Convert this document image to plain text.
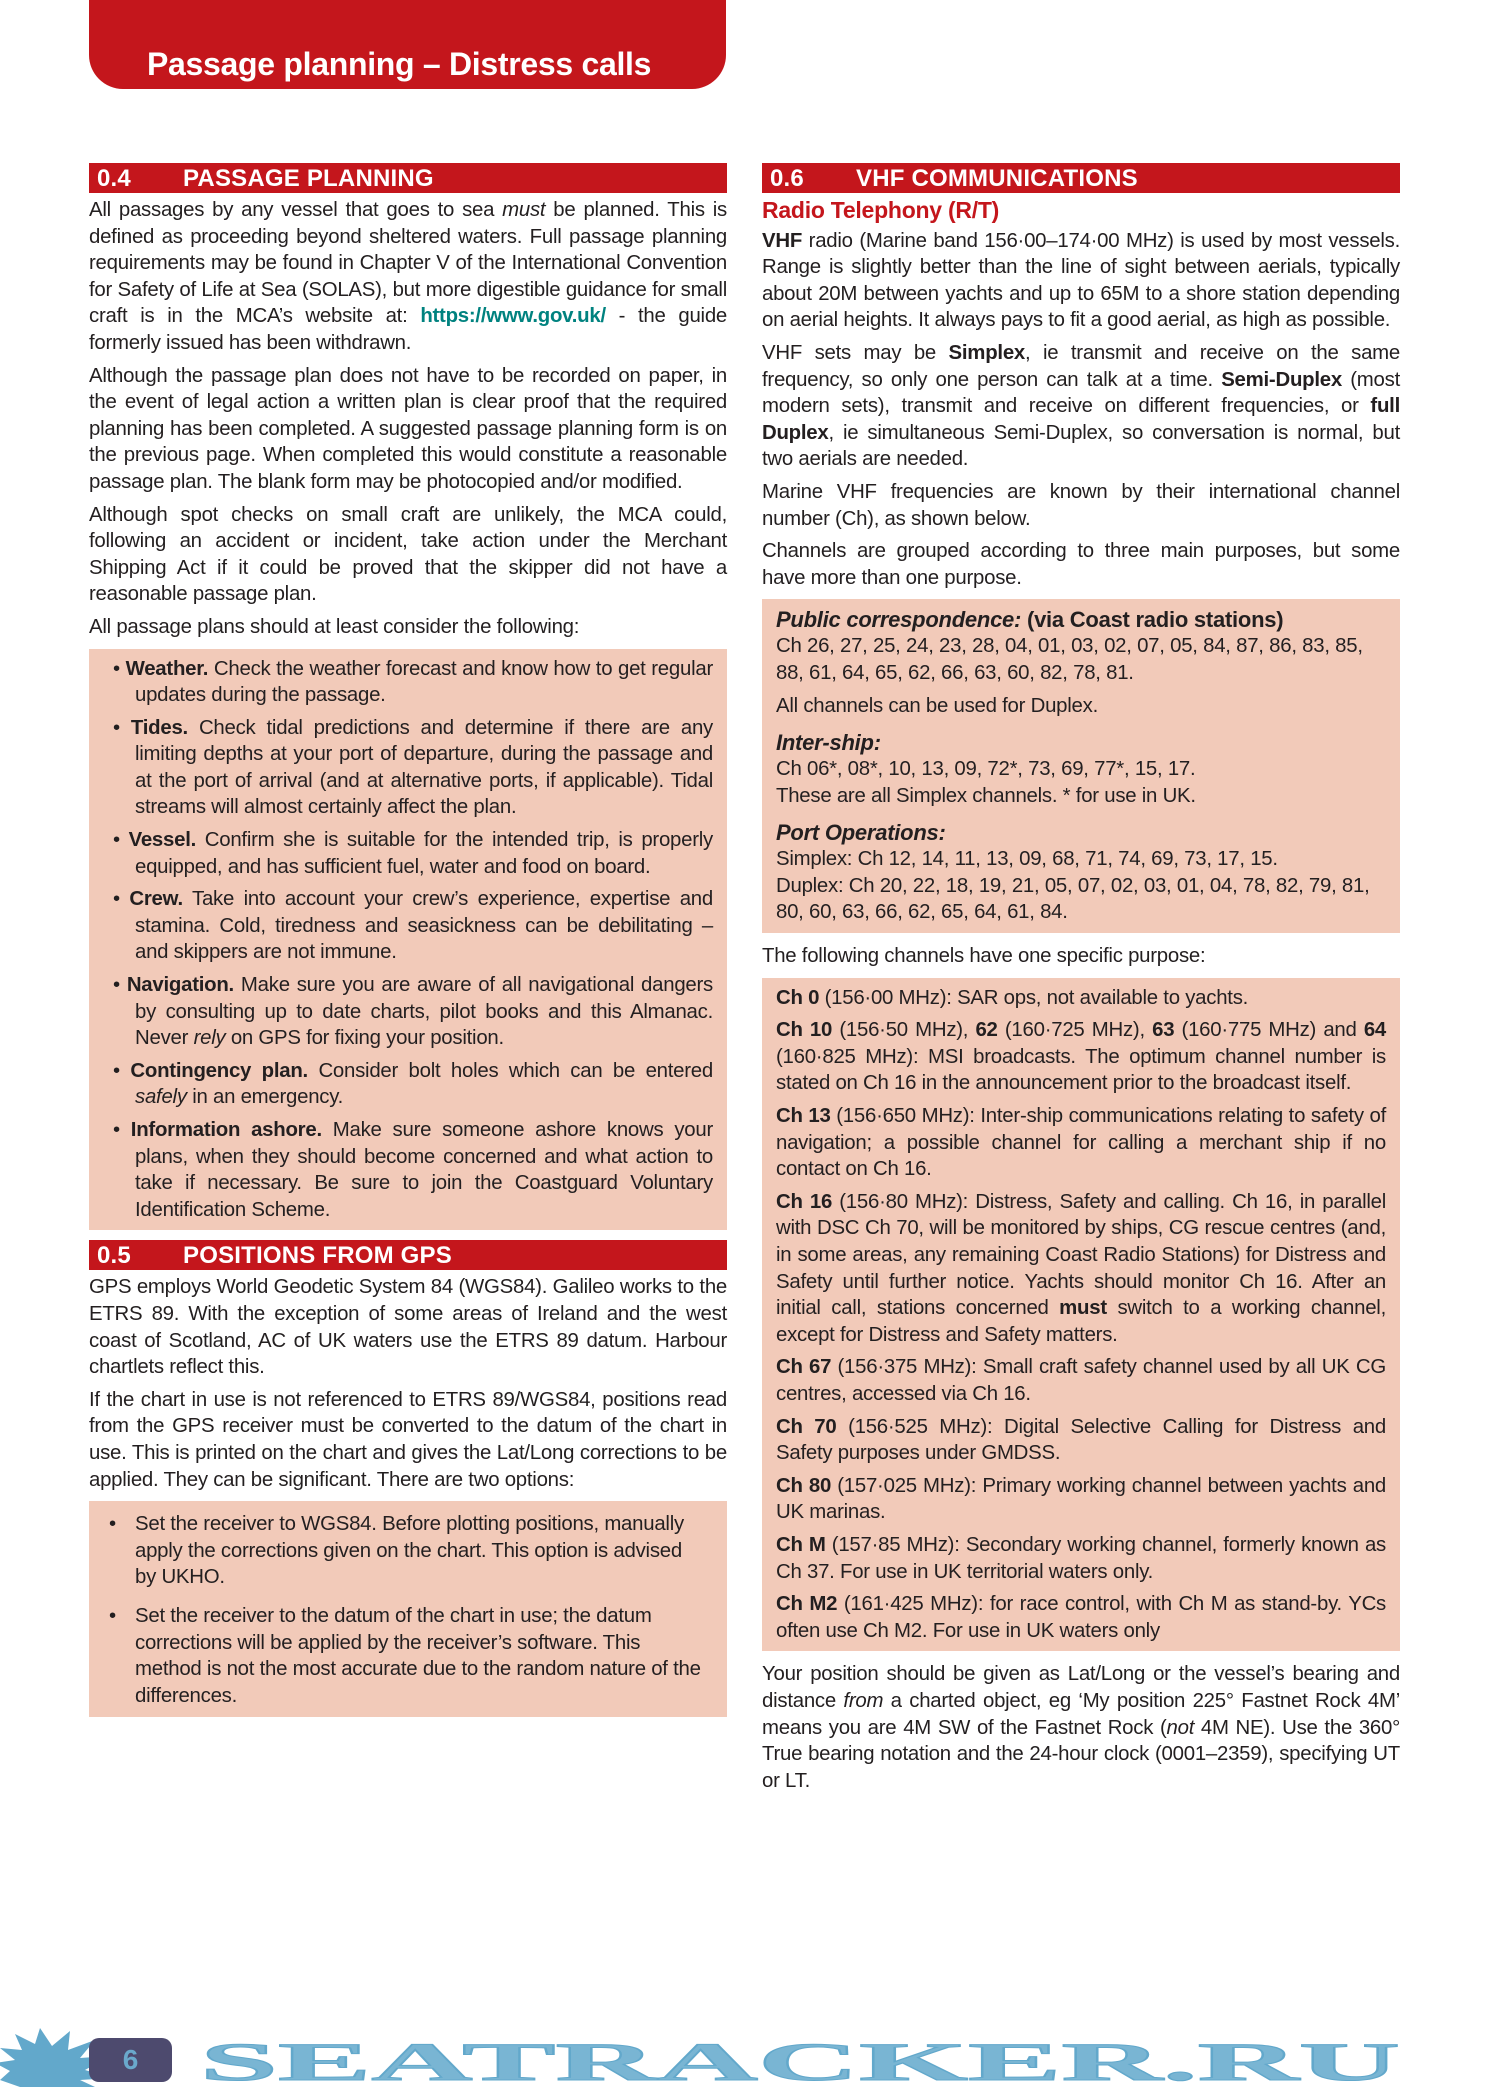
Passage planning – Distress calls
0.4 PASSAGE PLANNING

All passages by any vessel that goes to sea must be planned. This is defined as proceeding beyond sheltered waters. Full passage planning requirements may be found in Chapter V of the International Convention for Safety of Life at Sea (SOLAS), but more digestible guidance for small craft is in the MCA’s website at: https://www.gov.uk/ - the guide formerly issued has been withdrawn.

Although the passage plan does not have to be recorded on paper, in the event of legal action a written plan is clear proof that the required planning has been completed. A suggested passage planning form is on the previous page. When completed this would constitute a reasonable passage plan. The blank form may be photocopied and/or modified.

Although spot checks on small craft are unlikely, the MCA could, following an accident or incident, take action under the Merchant Shipping Act if it could be proved that the skipper did not have a reasonable passage plan.

All passage plans should at least consider the following:

• Weather. Check the weather forecast and know how to get regular updates during the passage.

• Tides. Check tidal predictions and determine if there are any limiting depths at your port of departure, during the passage and at the port of arrival (and at alternative ports, if applicable). Tidal streams will almost certainly affect the plan.

• Vessel. Confirm she is suitable for the intended trip, is properly equipped, and has sufficient fuel, water and food on board.

• Crew. Take into account your crew’s experience, expertise and stamina. Cold, tiredness and seasickness can be debilitating – and skippers are not immune.

• Navigation. Make sure you are aware of all navigational dangers by consulting up to date charts, pilot books and this Almanac. Never rely on GPS for fixing your position.

• Contingency plan. Consider bolt holes which can be entered safely in an emergency.

• Information ashore. Make sure someone ashore knows your plans, when they should become concerned and what action to take if necessary. Be sure to join the Coastguard Voluntary Identification Scheme.

0.5 POSITIONS FROM GPS

GPS employs World Geodetic System 84 (WGS84). Galileo works to the ETRS 89. With the exception of some areas of Ireland and the west coast of Scotland, AC of UK waters use the ETRS 89 datum. Harbour chartlets reflect this.

If the chart in use is not referenced to ETRS 89/WGS84, positions read from the GPS receiver must be converted to the datum of the chart in use. This is printed on the chart and gives the Lat/Long corrections to be applied. They can be significant. There are two options:

• Set the receiver to WGS84. Before plotting positions, manually apply the corrections given on the chart. This option is advised by UKHO.

• Set the receiver to the datum of the chart in use; the datum corrections will be applied by the receiver’s software. This method is not the most accurate due to the random nature of the differences.

0.6 VHF COMMUNICATIONS
Radio Telephony (R/T)

VHF radio (Marine band 156·00–174·00 MHz) is used by most vessels. Range is slightly better than the line of sight between aerials, typically about 20M between yachts and up to 65M to a shore station depending on aerial heights. It always pays to fit a good aerial, as high as possible.

VHF sets may be Simplex, ie transmit and receive on the same frequency, so only one person can talk at a time. Semi-Duplex (most modern sets), transmit and receive on different frequencies, or full Duplex, ie simultaneous Semi-Duplex, so conversation is normal, but two aerials are needed.

Marine VHF frequencies are known by their international channel number (Ch), as shown below.

Channels are grouped according to three main purposes, but some have more than one purpose.

Public correspondence: (via Coast radio stations)

Ch 26, 27, 25, 24, 23, 28, 04, 01, 03, 02, 07, 05, 84, 87, 86, 83, 85, 88, 61, 64, 65, 62, 66, 63, 60, 82, 78, 81.

All channels can be used for Duplex.

Inter-ship:

Ch 06*, 08*, 10, 13, 09, 72*, 73, 69, 77*, 15, 17.

These are all Simplex channels. * for use in UK.

Port Operations:

Simplex: Ch 12, 14, 11, 13, 09, 68, 71, 74, 69, 73, 17, 15.

Duplex: Ch 20, 22, 18, 19, 21, 05, 07, 02, 03, 01, 04, 78, 82, 79, 81, 80, 60, 63, 66, 62, 65, 64, 61, 84.

The following channels have one specific purpose:

Ch 0 (156·00 MHz): SAR ops, not available to yachts.

Ch 10 (156·50 MHz), 62 (160·725 MHz), 63 (160·775 MHz) and 64 (160·825 MHz): MSI broadcasts. The optimum channel number is stated on Ch 16 in the announcement prior to the broadcast itself.

Ch 13 (156·650 MHz): Inter-ship communications relating to safety of navigation; a possible channel for calling a merchant ship if no contact on Ch 16.

Ch 16 (156·80 MHz): Distress, Safety and calling. Ch 16, in parallel with DSC Ch 70, will be monitored by ships, CG rescue centres (and, in some areas, any remaining Coast Radio Stations) for Distress and Safety until further notice. Yachts should monitor Ch 16. After an initial call, stations concerned must switch to a working channel, except for Distress and Safety matters.

Ch 67 (156·375 MHz): Small craft safety channel used by all UK CG centres, accessed via Ch 16.

Ch 70 (156·525 MHz): Digital Selective Calling for Distress and Safety purposes under GMDSS.

Ch 80 (157·025 MHz): Primary working channel between yachts and UK marinas.

Ch M (157·85 MHz): Secondary working channel, formerly known as Ch 37. For use in UK territorial waters only.

Ch M2 (161·425 MHz): for race control, with Ch M as stand-by. YCs often use Ch M2. For use in UK waters only

Your position should be given as Lat/Long or the vessel’s bearing and distance from a charted object, eg ‘My position 225° Fastnet Rock 4M’ means you are 4M SW of the Fastnet Rock (not 4M NE). Use the 360° True bearing notation and the 24-hour clock (0001–2359), specifying UT or LT.

SEATRACKER.RU
6
